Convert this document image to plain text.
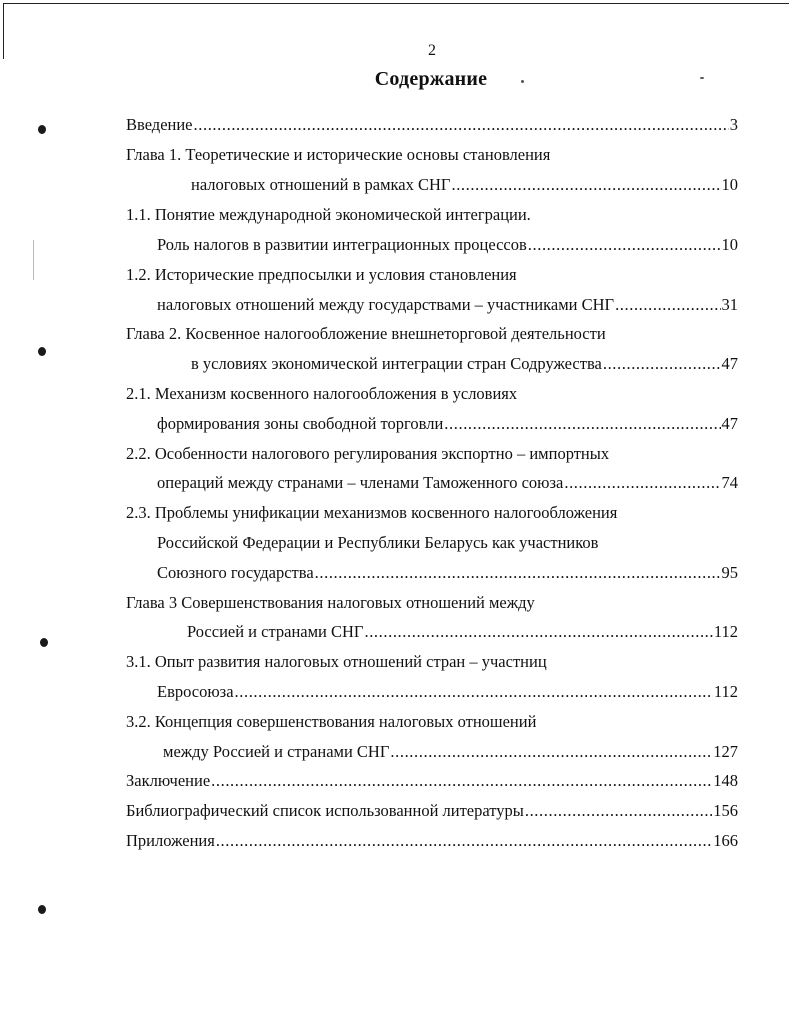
2
Содержание
Введение .....	3
Глава 1. Теоретические и исторические основы становления
налоговых отношений в рамках СНГ .....	10
1.1. Понятие международной экономической интеграции.
Роль налогов в развитии интеграционных процессов .....	10
1.2. Исторические предпосылки и условия становления
налоговых отношений между государствами – участниками СНГ .....	31
Глава 2. Косвенное налогообложение внешнеторговой деятельности
в условиях экономической интеграции стран Содружества .....	47
2.1. Механизм косвенного налогообложения в условиях
формирования зоны свободной торговли .....	47
2.2. Особенности налогового регулирования экспортно – импортных
операций между странами – членами Таможенного союза .....	74
2.3. Проблемы унификации механизмов косвенного налогообложения
Российской Федерации и Республики Беларусь как участников
Союзного государства .....	95
Глава 3 Совершенствования налоговых отношений между
Россией и странами СНГ .....	112
3.1. Опыт развития налоговых отношений стран – участниц
Евросоюза .....	112
3.2. Концепция совершенствования налоговых отношений
между Россией и странами СНГ .....	127
Заключение .....	148
Библиографический список использованной литературы .....	156
Приложения .....	166
